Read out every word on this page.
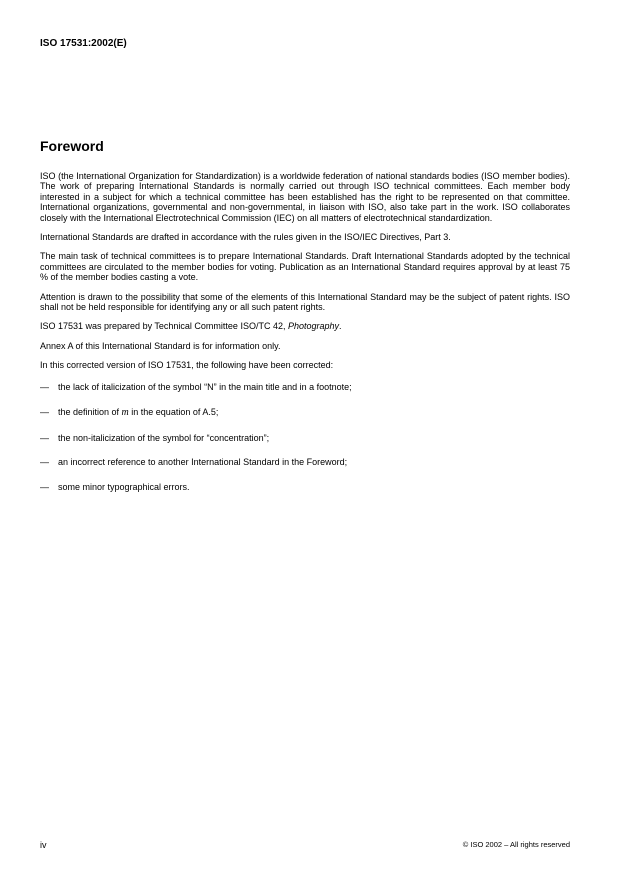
ISO 17531:2002(E)
Foreword

ISO (the International Organization for Standardization) is a worldwide federation of national standards bodies (ISO member bodies). The work of preparing International Standards is normally carried out through ISO technical committees. Each member body interested in a subject for which a technical committee has been established has the right to be represented on that committee. International organizations, governmental and non-governmental, in liaison with ISO, also take part in the work. ISO collaborates closely with the International Electrotechnical Commission (IEC) on all matters of electrotechnical standardization.

International Standards are drafted in accordance with the rules given in the ISO/IEC Directives, Part 3.

The main task of technical committees is to prepare International Standards. Draft International Standards adopted by the technical committees are circulated to the member bodies for voting. Publication as an International Standard requires approval by at least 75 % of the member bodies casting a vote.

Attention is drawn to the possibility that some of the elements of this International Standard may be the subject of patent rights. ISO shall not be held responsible for identifying any or all such patent rights.

ISO 17531 was prepared by Technical Committee ISO/TC 42, Photography.

Annex A of this International Standard is for information only.

In this corrected version of ISO 17531, the following have been corrected:

—	the lack of italicization of the symbol “N” in the main title and in a footnote;
—	the definition of m in the equation of A.5;
—	the non-italicization of the symbol for “concentration”;
—	an incorrect reference to another International Standard in the Foreword;
—	some minor typographical errors.
iv	© ISO 2002 – All rights reserved
